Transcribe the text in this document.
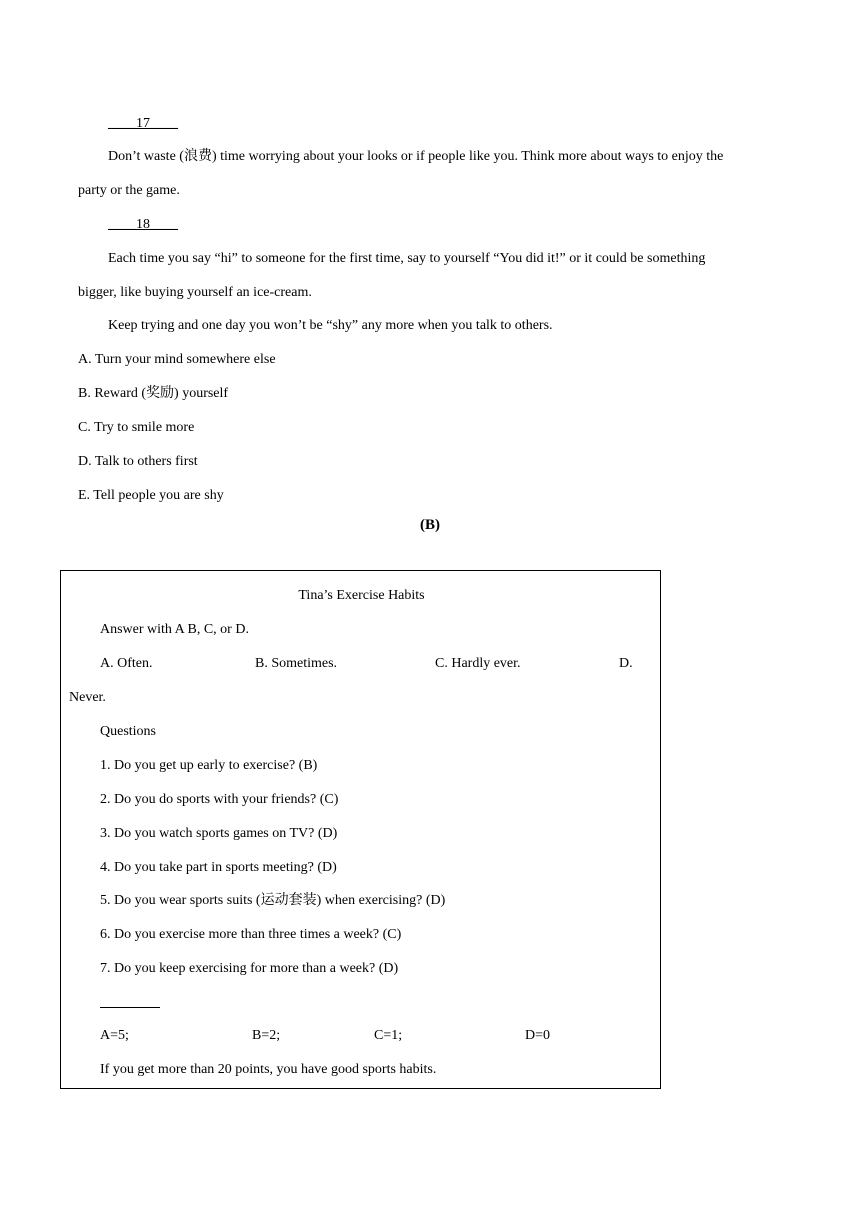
____17____
Don’t waste (浪费) time worrying about your looks or if people like you. Think more about ways to enjoy the
party or the game.
____18____
Each time you say “hi” to someone for the first time, say to yourself “You did it!” or it could be something
bigger, like buying yourself an ice-cream.
Keep trying and one day you won’t be “shy” any more when you talk to others.
A. Turn your mind somewhere else
B. Reward (奖励) yourself
C. Try to smile more
D. Talk to others first
E. Tell people you are shy
(B)
Tina’s Exercise Habits
Answer with A B, C, or D.
A. Often.	B. Sometimes.	C. Hardly ever.	D.
Never.
Questions
1. Do you get up early to exercise? (B)
2. Do you do sports with your friends? (C)
3. Do you watch sports games on TV? (D)
4. Do you take part in sports meeting? (D)
5. Do you wear sports suits (运动套装) when exercising? (D)
6. Do you exercise more than three times a week? (C)
7. Do you keep exercising for more than a week? (D)
A=5;	B=2;	C=1;	D=0
If you get more than 20 points, you have good sports habits.
